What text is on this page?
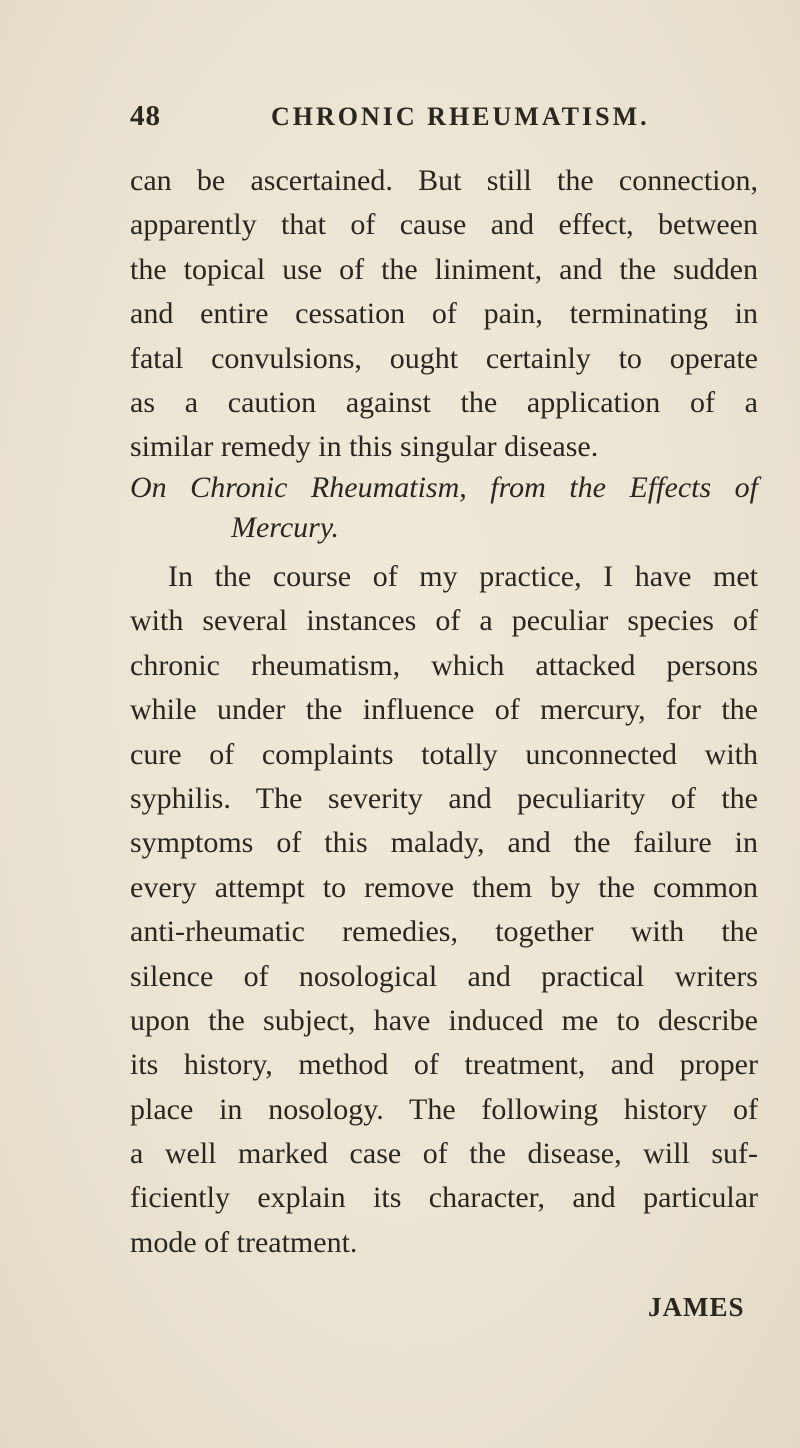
48	CHRONIC RHEUMATISM.
can be ascertained. But still the connection,
apparently that of cause and effect, between
the topical use of the liniment, and the sudden
and entire cessation of pain, terminating in
fatal convulsions, ought certainly to operate
as a caution against the application of a
similar remedy in this singular disease.
On Chronic Rheumatism, from the Effects of
Mercury.
In the course of my practice, I have met
with several instances of a peculiar species of
chronic rheumatism, which attacked persons
while under the influence of mercury, for the
cure of complaints totally unconnected with
syphilis. The severity and peculiarity of the
symptoms of this malady, and the failure in
every attempt to remove them by the common
anti-rheumatic remedies, together with the
silence of nosological and practical writers
upon the subject, have induced me to describe
its history, method of treatment, and proper
place in nosology. The following history of
a well marked case of the disease, will suf-
ficiently explain its character, and particular
mode of treatment.
JAMES
